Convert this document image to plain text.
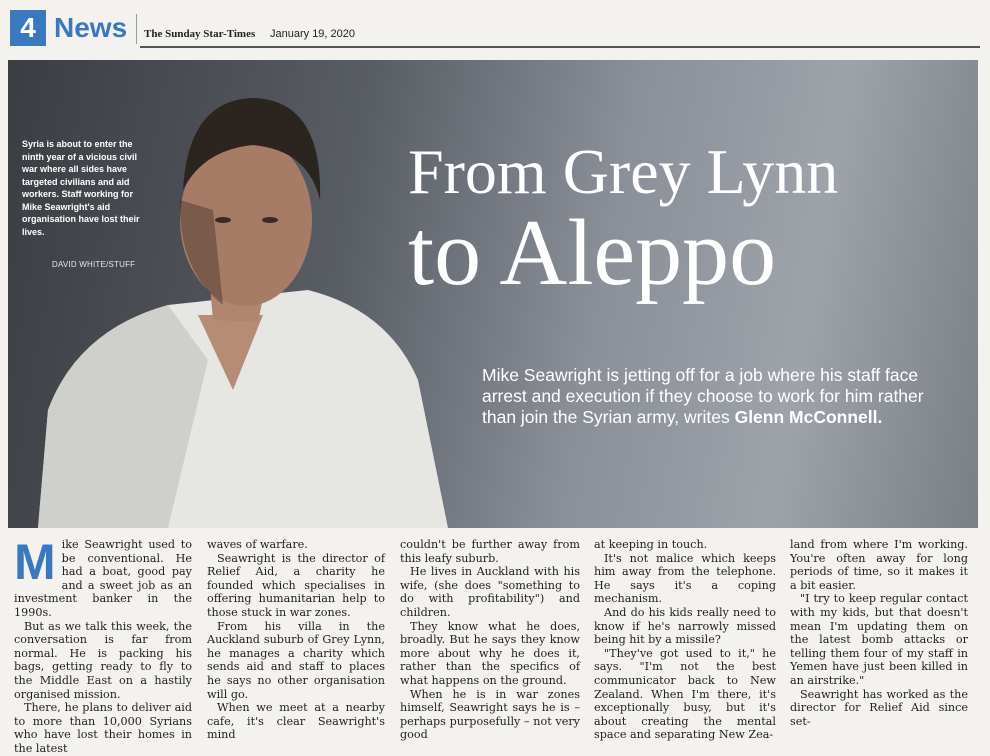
4 News The Sunday Star-Times January 19, 2020
Syria is about to enter the ninth year of a vicious civil war where all sides have targeted civilians and aid workers. Staff working for Mike Seawright's aid organisation have lost their lives.
DAVID WHITE/STUFF
From Grey Lynn
to Aleppo
Mike Seawright is jetting off for a job where his staff face arrest and execution if they choose to work for him rather than join the Syrian army, writes Glenn McConnell.
M ike Seawright used to be conventional. He had a boat, good pay and a sweet job as an investment banker in the 1990s.

But as we talk this week, the conversation is far from normal. He is packing his bags, getting ready to fly to the Middle East on a hastily organised mission.

There, he plans to deliver aid to more than 10,000 Syrians who have lost their homes in the latest

waves of warfare.

Seawright is the director of Relief Aid, a charity he founded which specialises in offering humanitarian help to those stuck in war zones.

From his villa in the Auckland suburb of Grey Lynn, he manages a charity which sends aid and staff to places he says no other organisation will go.

When we meet at a nearby cafe, it's clear Seawright's mind

couldn't be further away from this leafy suburb.

He lives in Auckland with his wife, (she does "something to do with profitability") and children.

They know what he does, broadly. But he says they know more about why he does it, rather than the specifics of what happens on the ground.

When he is in war zones himself, Seawright says he is – perhaps purposefully – not very good

at keeping in touch.

It's not malice which keeps him away from the telephone. He says it's a coping mechanism.

And do his kids really need to know if he's narrowly missed being hit by a missile?

"They've got used to it," he says. "I'm not the best communicator back to New Zealand. When I'm there, it's exceptionally busy, but it's about creating the mental space and separating New Zea-

land from where I'm working. You're often away for long periods of time, so it makes it a bit easier.

"I try to keep regular contact with my kids, but that doesn't mean I'm updating them on the latest bomb attacks or telling them four of my staff in Yemen have just been killed in an airstrike."

Seawright has worked as the director for Relief Aid since set-
